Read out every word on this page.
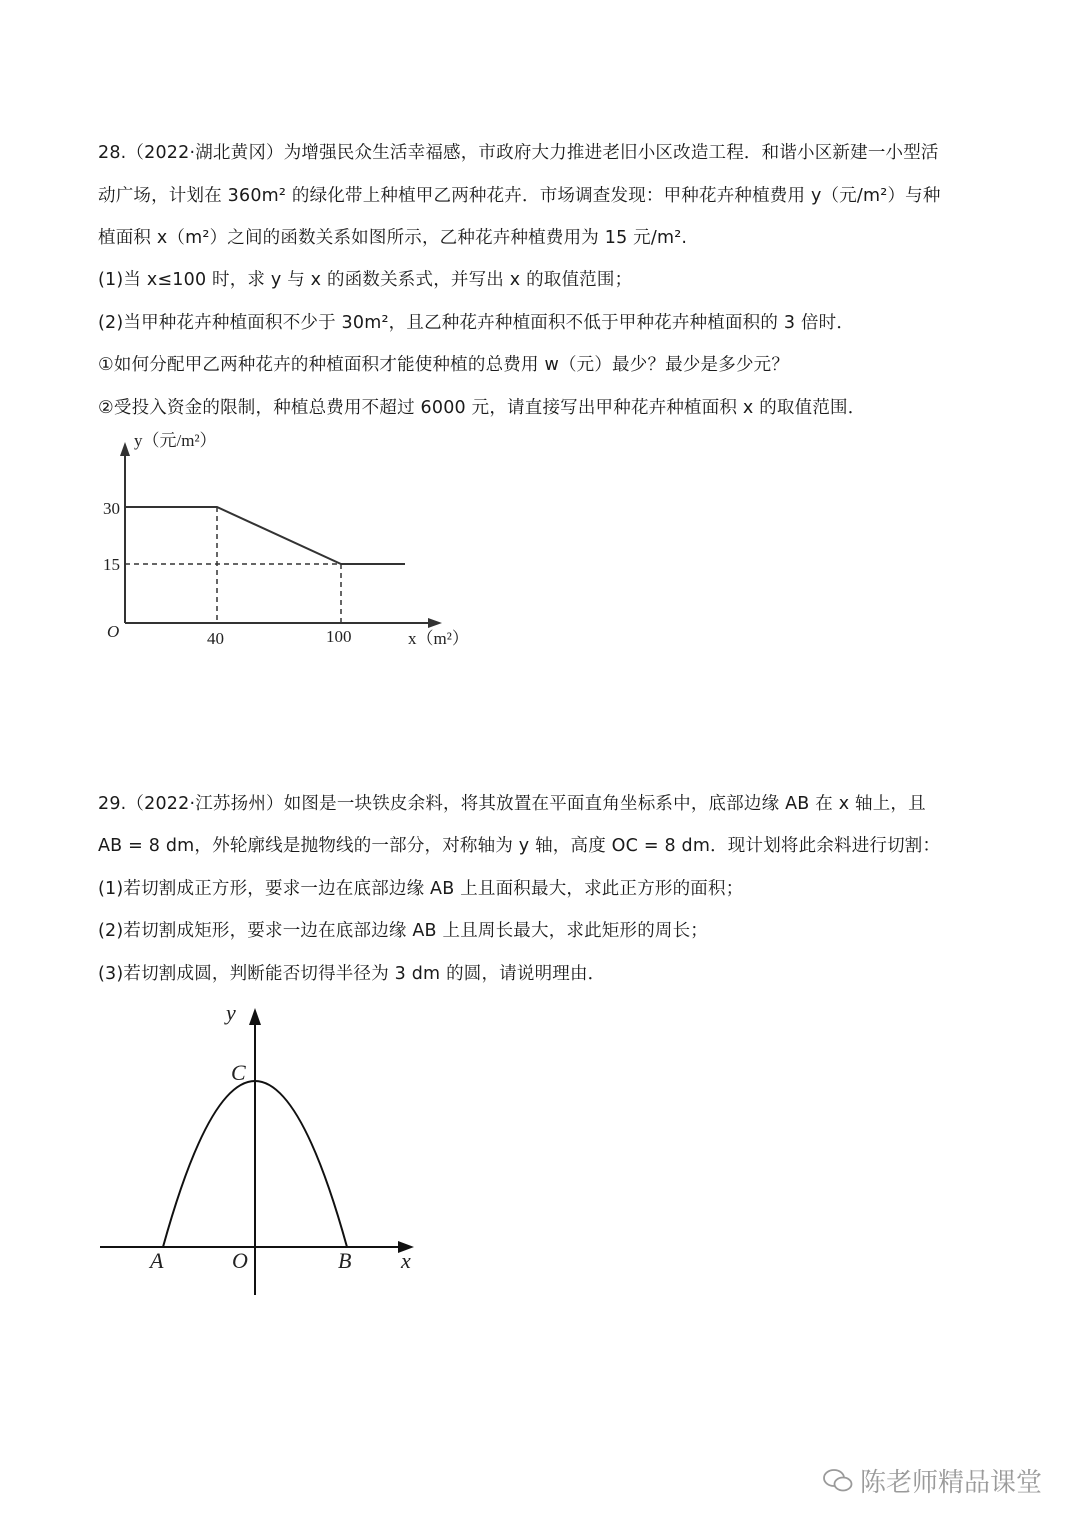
28.（2022·湖北黄冈）为增强民众生活幸福感，市政府大力推进老旧小区改造工程．和谐小区新建一小型活
动广场，计划在 360m² 的绿化带上种植甲乙两种花卉．市场调查发现：甲种花卉种植费用 y（元/m²）与种
植面积 x（m²）之间的函数关系如图所示，乙种花卉种植费用为 15 元/m².
(1)当 x≤100 时，求 y 与 x 的函数关系式，并写出 x 的取值范围；
(2)当甲种花卉种植面积不少于 30m²，且乙种花卉种植面积不低于甲种花卉种植面积的 3 倍时．
①如何分配甲乙两种花卉的种植面积才能使种植的总费用 w（元）最少？最少是多少元？
②受投入资金的限制，种植总费用不超过 6000 元，请直接写出甲种花卉种植面积 x 的取值范围．
y（元/m²）
x（m²）
O
30
15
40	100
y
x
A	O	B
C
29.（2022·江苏扬州）如图是一块铁皮余料，将其放置在平面直角坐标系中，底部边缘 AB 在 x 轴上，且
AB = 8 dm，外轮廓线是抛物线的一部分，对称轴为 y 轴，高度 OC = 8 dm．现计划将此余料进行切割：
(1)若切割成正方形，要求一边在底部边缘 AB 上且面积最大，求此正方形的面积；
(2)若切割成矩形，要求一边在底部边缘 AB 上且周长最大，求此矩形的周长；
(3)若切割成圆，判断能否切得半径为 3 dm 的圆，请说明理由．
陈老师精品课堂
